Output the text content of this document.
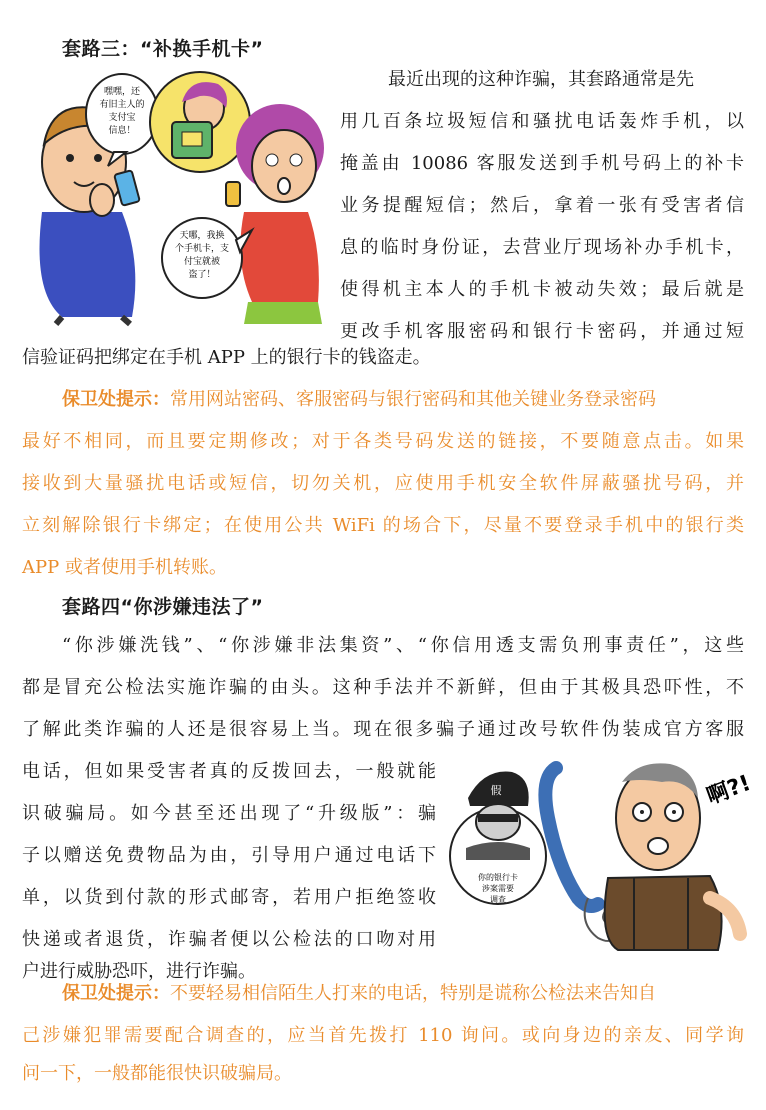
套路三：“补换手机卡”
嘿嘿，还
有旧主人的
支付宝
信息！
天哪，我换
个手机卡，支
付宝就被
盗了！
最近出现的这种诈骗，其套路通常是先
用几百条垃圾短信和骚扰电话轰炸手机，以
掩盖由 10086 客服发送到手机号码上的补卡
业务提醒短信；然后，拿着一张有受害者信
息的临时身份证，去营业厅现场补办手机卡，
使得机主本人的手机卡被动失效；最后就是
更改手机客服密码和银行卡密码，并通过短
信验证码把绑定在手机 APP 上的银行卡的钱盗走。
保卫处提示：常用网站密码、客服密码与银行密码和其他关键业务登录密码
最好不相同，而且要定期修改；对于各类号码发送的链接，不要随意点击。如果
接收到大量骚扰电话或短信，切勿关机，应使用手机安全软件屏蔽骚扰号码，并
立刻解除银行卡绑定；在使用公共 WiFi 的场合下，尽量不要登录手机中的银行类
APP 或者使用手机转账。
套路四“你涉嫌违法了”
“你涉嫌洗钱”、“你涉嫌非法集资”、“你信用透支需负刑事责任”，这些
都是冒充公检法实施诈骗的由头。这种手法并不新鲜，但由于其极具恐吓性，不
了解此类诈骗的人还是很容易上当。现在很多骗子通过改号软件伪装成官方客服
电话，但如果受害者真的反拨回去，一般就能
识破骗局。如今甚至还出现了“升级版”：骗
子以赠送免费物品为由，引导用户通过电话下
单，以货到付款的形式邮寄，若用户拒绝签收
快递或者退货，诈骗者便以公检法的口吻对用
户进行威胁恐吓，进行诈骗。
假
你的银行卡
涉案需要
调查
啊?!
保卫处提示：不要轻易相信陌生人打来的电话，特别是谎称公检法来告知自
己涉嫌犯罪需要配合调查的，应当首先拨打 110 询问。或向身边的亲友、同学询
问一下，一般都能很快识破骗局。
